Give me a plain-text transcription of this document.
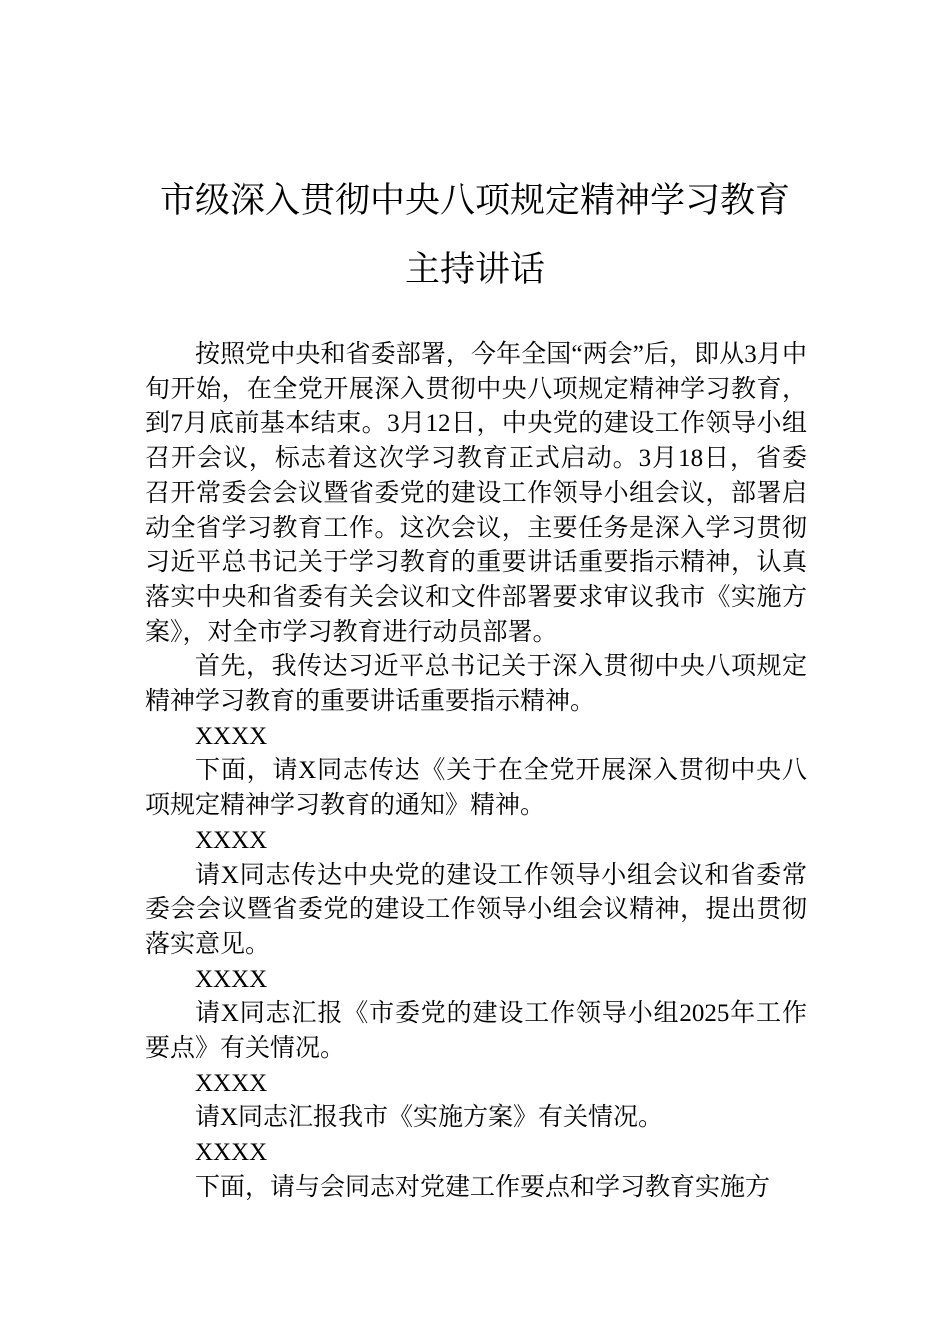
市级深入贯彻中央八项规定精神学习教育
主持讲话

按照党中央和省委部署，今年全国“两会”后，即从3月中旬开始，在全党开展深入贯彻中央八项规定精神学习教育，到7月底前基本结束。3月12日，中央党的建设工作领导小组召开会议，标志着这次学习教育正式启动。3月18日，省委召开常委会会议暨省委党的建设工作领导小组会议，部署启动全省学习教育工作。这次会议，主要任务是深入学习贯彻习近平总书记关于学习教育的重要讲话重要指示精神，认真落实中央和省委有关会议和文件部署要求审议我市《实施方案》，对全市学习教育进行动员部署。

首先，我传达习近平总书记关于深入贯彻中央八项规定精神学习教育的重要讲话重要指示精神。

XXXX

下面，请X同志传达《关于在全党开展深入贯彻中央八项规定精神学习教育的通知》精神。

XXXX

请X同志传达中央党的建设工作领导小组会议和省委常委会会议暨省委党的建设工作领导小组会议精神，提出贯彻落实意见。

XXXX

请X同志汇报《市委党的建设工作领导小组2025年工作要点》有关情况。

XXXX

请X同志汇报我市《实施方案》有关情况。

XXXX

下面，请与会同志对党建工作要点和学习教育实施方
